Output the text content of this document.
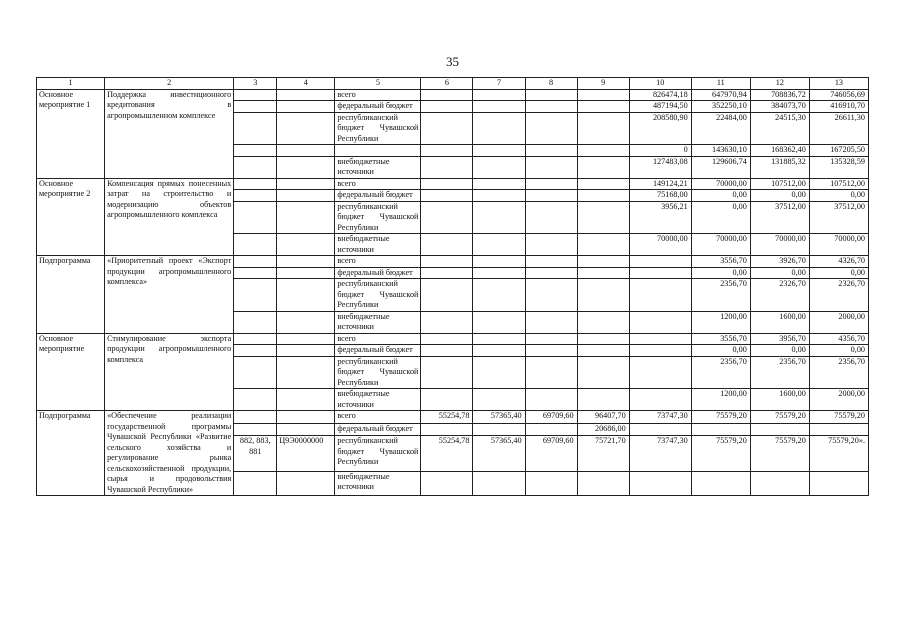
35
1	2	3	4	5	6	7	8	9	10	11	12	13
Основное мероприятие 1	Поддержка инвестиционного кредитования в агропромышленном комплексе			всего					826474,18	647970,94	708836,72	746056,69
				федеральный бюджет					487194,50	352250,10	384073,70	416910,70
				республиканский бюджет Чувашской Республики					208580,90	22484,00	24515,30	26611,30
									0	143630,10	168362,40	167205,50
				внебюджетные источники					127483,08	129606,74	131885,32	135328,59
Основное мероприятие 2	Компенсация прямых понесенных затрат на строительство и модернизацию объектов агропромышленного комплекса			всего					149124,21	70000,00	107512,00	107512,00
				федеральный бюджет					75168,00	0,00	0,00	0,00
				республиканский бюджет Чувашской Республики					3956,21	0,00	37512,00	37512,00
				внебюджетные источники					70000,00	70000,00	70000,00	70000,00
Подпрограмма	«Приоритетный проект «Экспорт продукции агропромышленного комплекса»			всего						3556,70	3926,70	4326,70
				федеральный бюджет						0,00	0,00	0,00
				республиканский бюджет Чувашской Республики						2356,70	2326,70	2326,70
				внебюджетные источники						1200,00	1600,00	2000,00
Основное мероприятие	Стимулирование экспорта продукции агропромышленного комплекса			всего						3556,70	3956,70	4356,70
				федеральный бюджет						0,00	0,00	0,00
				республиканский бюджет Чувашской Республики						2356,70	2356,70	2356,70
				внебюджетные источники						1200,00	1600,00	2000,00
Подпрограмма	«Обеспечение реализации государственной программы Чувашской Республики «Развитие сельского хозяйства и регулирование рынка сельскохозяйственной продукции, сырья и продовольствия Чувашской Республики»			всего	55254,78	57365,40	69709,60	96407,70	73747,30	75579,20	75579,20	75579,20
				федеральный бюджет				20686,00				
		882, 883, 881	Ц9Э0000000	республиканский бюджет Чувашской Республики	55254,78	57365,40	69709,60	75721,70	73747,30	75579,20	75579,20	75579,20».
				внебюджетные источники								
